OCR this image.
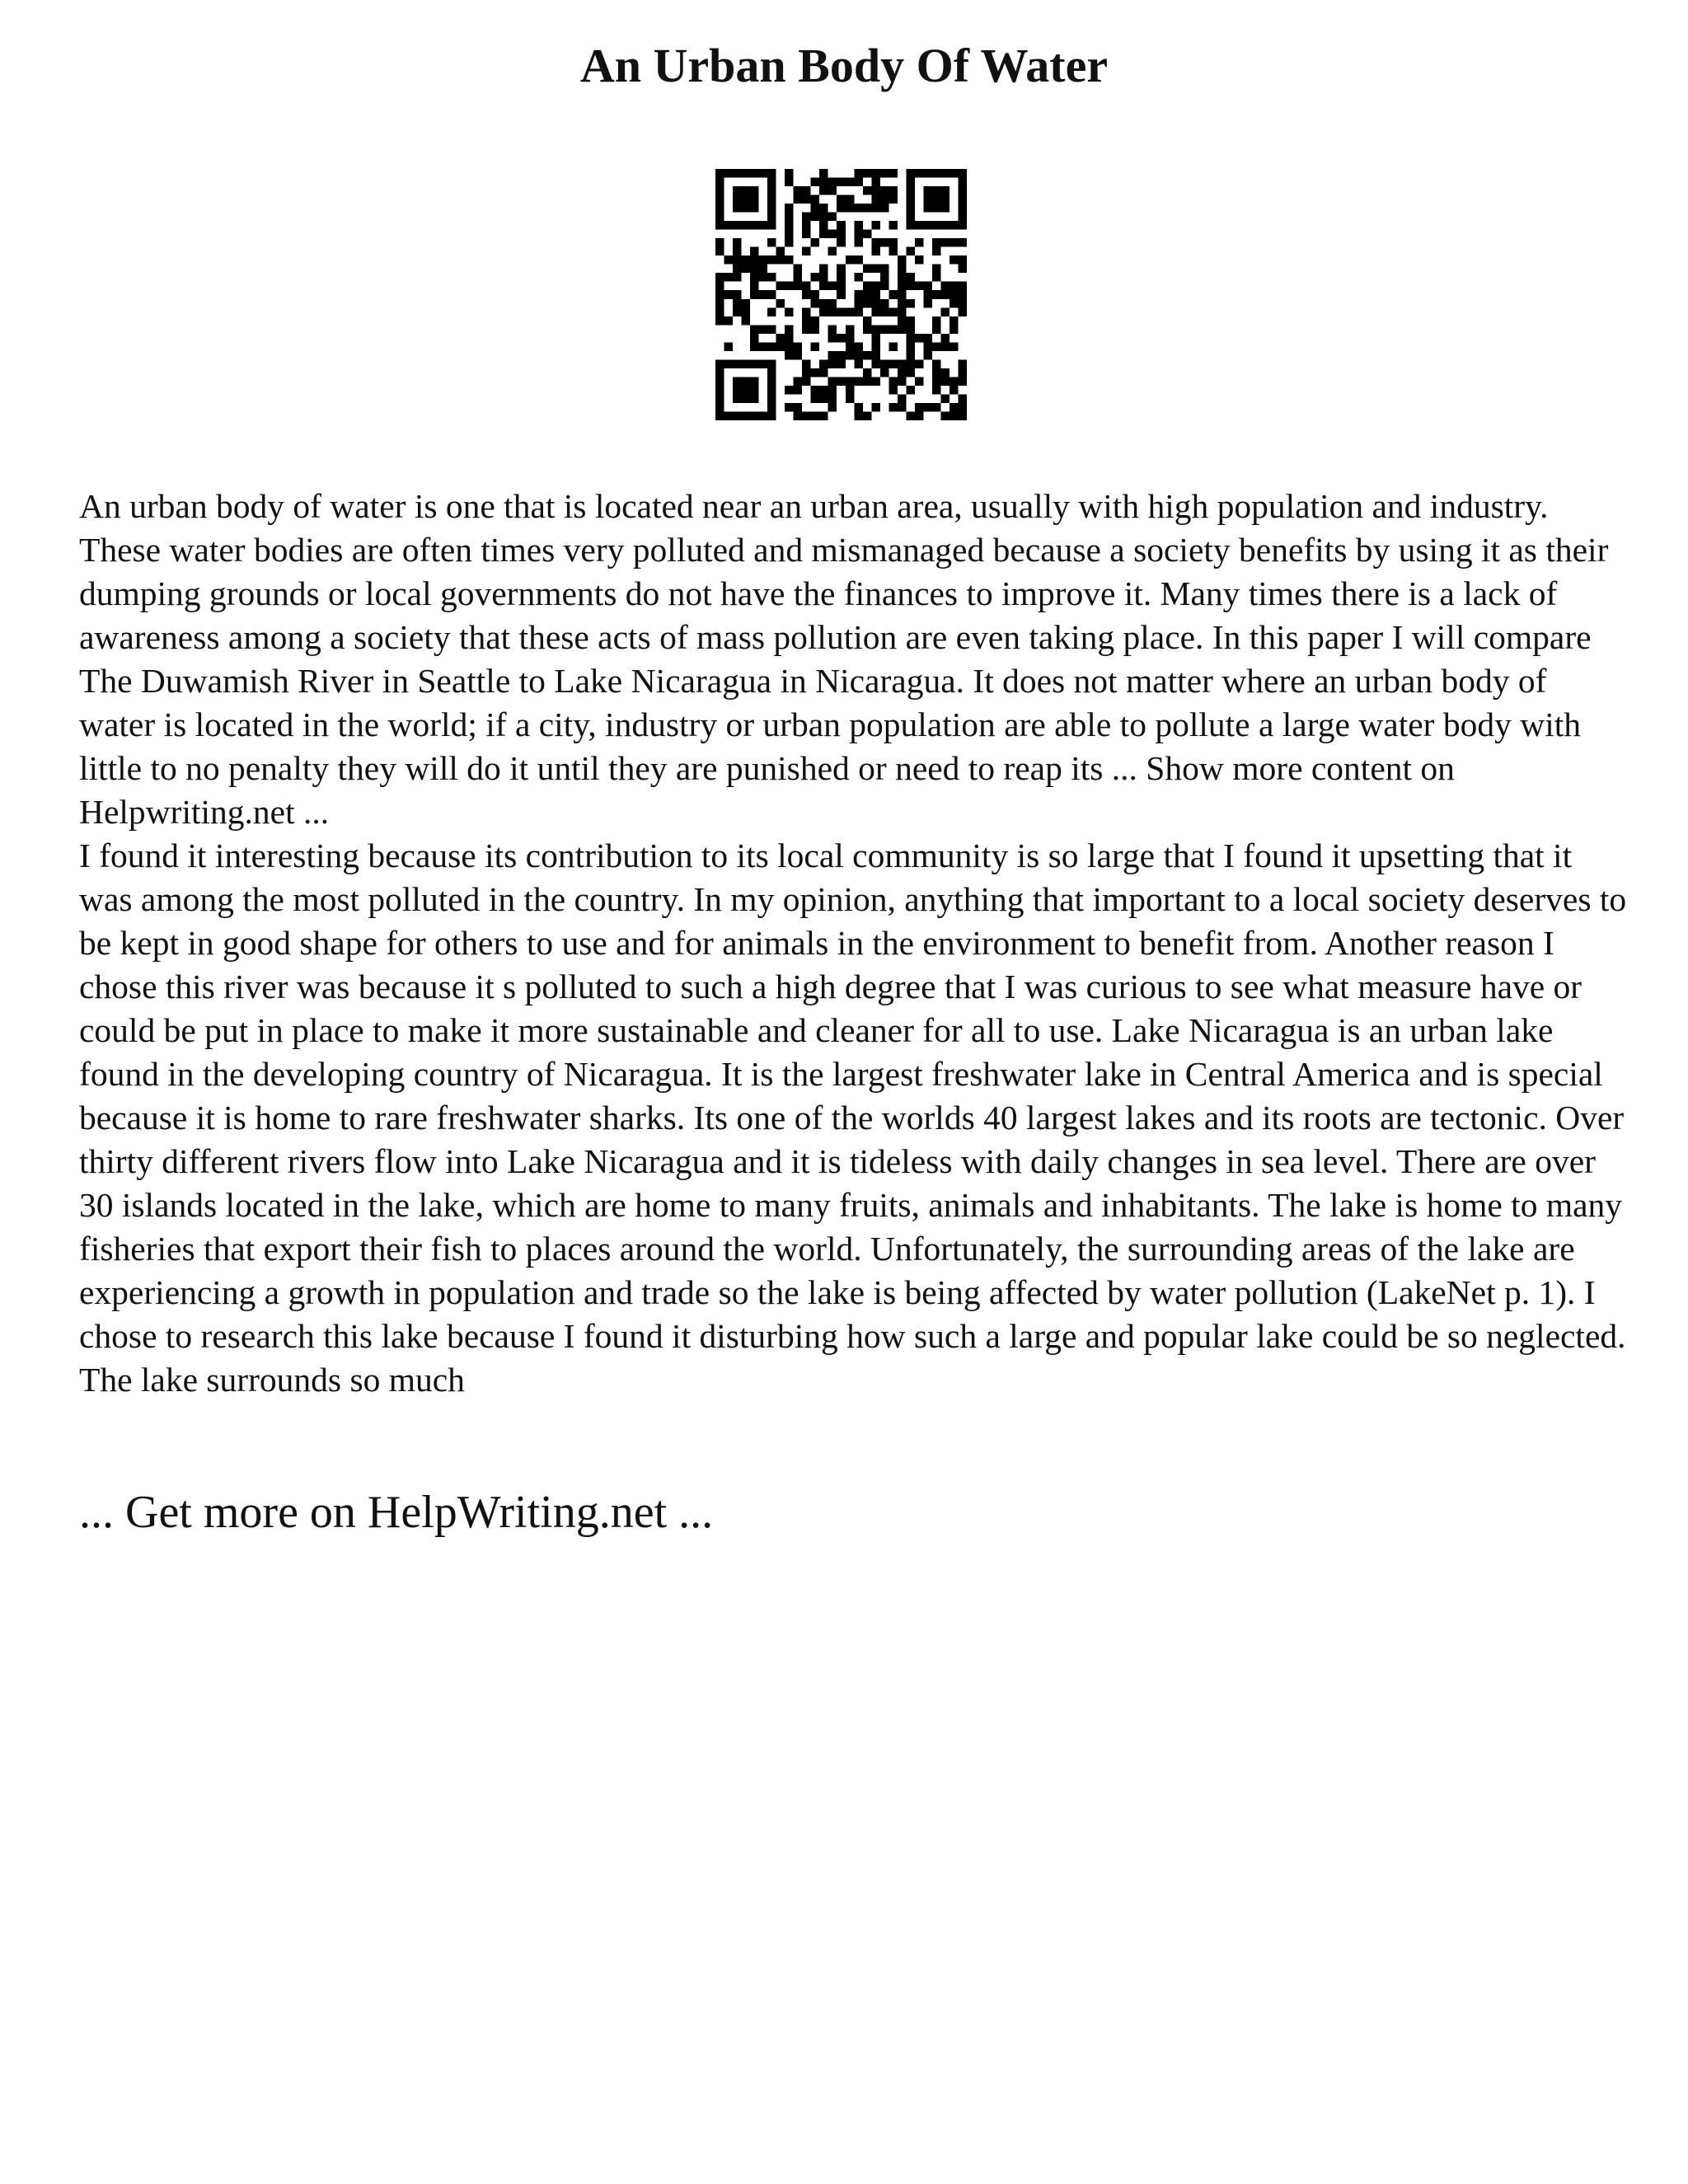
An Urban Body Of Water

An urban body of water is one that is located near an urban area, usually with high population and industry. These water bodies are often times very polluted and mismanaged because a society benefits by using it as their dumping grounds or local governments do not have the finances to improve it. Many times there is a lack of awareness among a society that these acts of mass pollution are even taking place. In this paper I will compare The Duwamish River in Seattle to Lake Nicaragua in Nicaragua. It does not matter where an urban body of water is located in the world; if a city, industry or urban population are able to pollute a large water body with little to no penalty they will do it until they are punished or need to reap its ... Show more content on Helpwriting.net ...

I found it interesting because its contribution to its local community is so large that I found it upsetting that it was among the most polluted in the country. In my opinion, anything that important to a local society deserves to be kept in good shape for others to use and for animals in the environment to benefit from. Another reason I chose this river was because it s polluted to such a high degree that I was curious to see what measure have or could be put in place to make it more sustainable and cleaner for all to use. Lake Nicaragua is an urban lake found in the developing country of Nicaragua. It is the largest freshwater lake in Central America and is special because it is home to rare freshwater sharks. Its one of the worlds 40 largest lakes and its roots are tectonic. Over thirty different rivers flow into Lake Nicaragua and it is tideless with daily changes in sea level. There are over 30 islands located in the lake, which are home to many fruits, animals and inhabitants. The lake is home to many fisheries that export their fish to places around the world. Unfortunately, the surrounding areas of the lake are experiencing a growth in population and trade so the lake is being affected by water pollution (LakeNet p. 1). I chose to research this lake because I found it disturbing how such a large and popular lake could be so neglected. The lake surrounds so much

... Get more on HelpWriting.net ...
